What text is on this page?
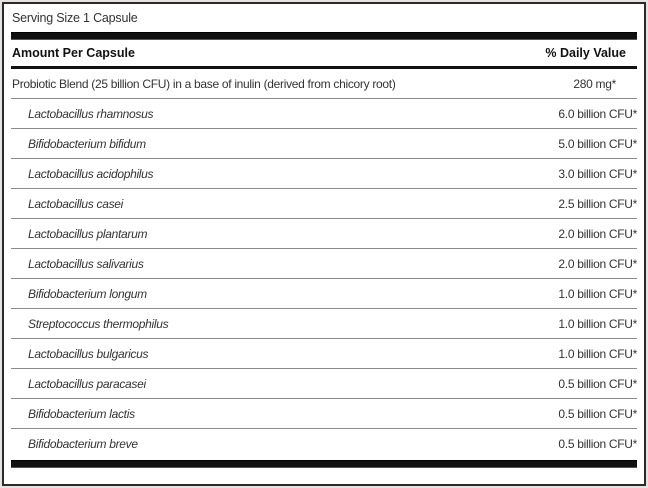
Serving Size 1 Capsule
Amount Per Capsule	% Daily Value
Probiotic Blend (25 billion CFU) in a base of inulin (derived from chicory root)	280 mg*
Lactobacillus rhamnosus	6.0 billion CFU*
Bifidobacterium bifidum	5.0 billion CFU*
Lactobacillus acidophilus	3.0 billion CFU*
Lactobacillus casei	2.5 billion CFU*
Lactobacillus plantarum	2.0 billion CFU*
Lactobacillus salivarius	2.0 billion CFU*
Bifidobacterium longum	1.0 billion CFU*
Streptococcus thermophilus	1.0 billion CFU*
Lactobacillus bulgaricus	1.0 billion CFU*
Lactobacillus paracasei	0.5 billion CFU*
Bifidobacterium lactis	0.5 billion CFU*
Bifidobacterium breve	0.5 billion CFU*
